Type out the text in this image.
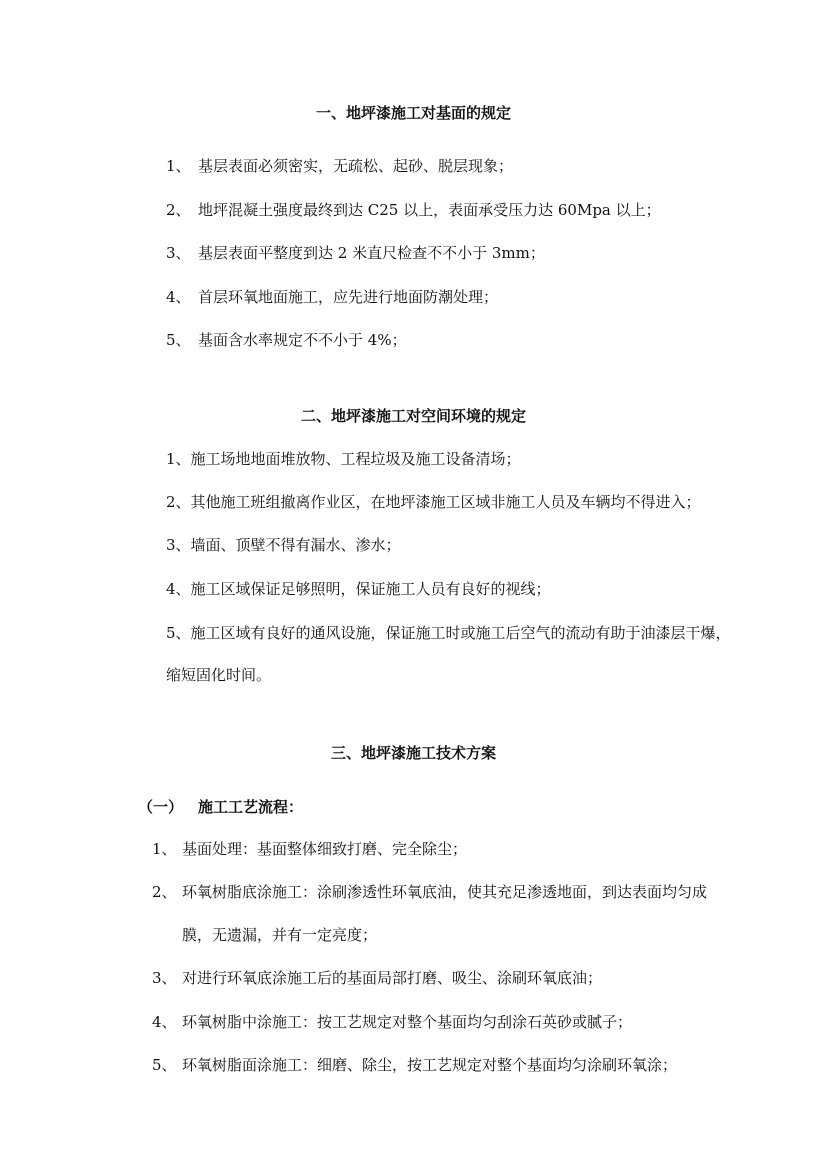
一、地坪漆施工对基面的规定
1、 基层表面必须密实，无疏松、起砂、脱层现象；
2、 地坪混凝土强度最终到达 C25 以上，表面承受压力达 60Mpa 以上；
3、 基层表面平整度到达 2 米直尺检查不不小于 3mm；
4、 首层环氧地面施工，应先进行地面防潮处理；
5、 基面含水率规定不不小于 4%；
二、地坪漆施工对空间环境的规定
1、施工场地地面堆放物、工程垃圾及施工设备清场；
2、其他施工班组撤离作业区，在地坪漆施工区域非施工人员及车辆均不得进入；
3、墙面、顶壁不得有漏水、渗水；
4、施工区域保证足够照明，保证施工人员有良好的视线；
5、施工区域有良好的通风设施，保证施工时或施工后空气的流动有助于油漆层干爆，
缩短固化时间。
三、地坪漆施工技术方案
（一） 施工工艺流程：
1、 基面处理：基面整体细致打磨、完全除尘；
2、 环氧树脂底涂施工：涂刷渗透性环氧底油，使其充足渗透地面，到达表面均匀成
膜，无遗漏，并有一定亮度；
3、 对进行环氧底涂施工后的基面局部打磨、吸尘、涂刷环氧底油；
4、 环氧树脂中涂施工：按工艺规定对整个基面均匀刮涂石英砂或腻子；
5、 环氧树脂面涂施工：细磨、除尘，按工艺规定对整个基面均匀涂刷环氧涂；
